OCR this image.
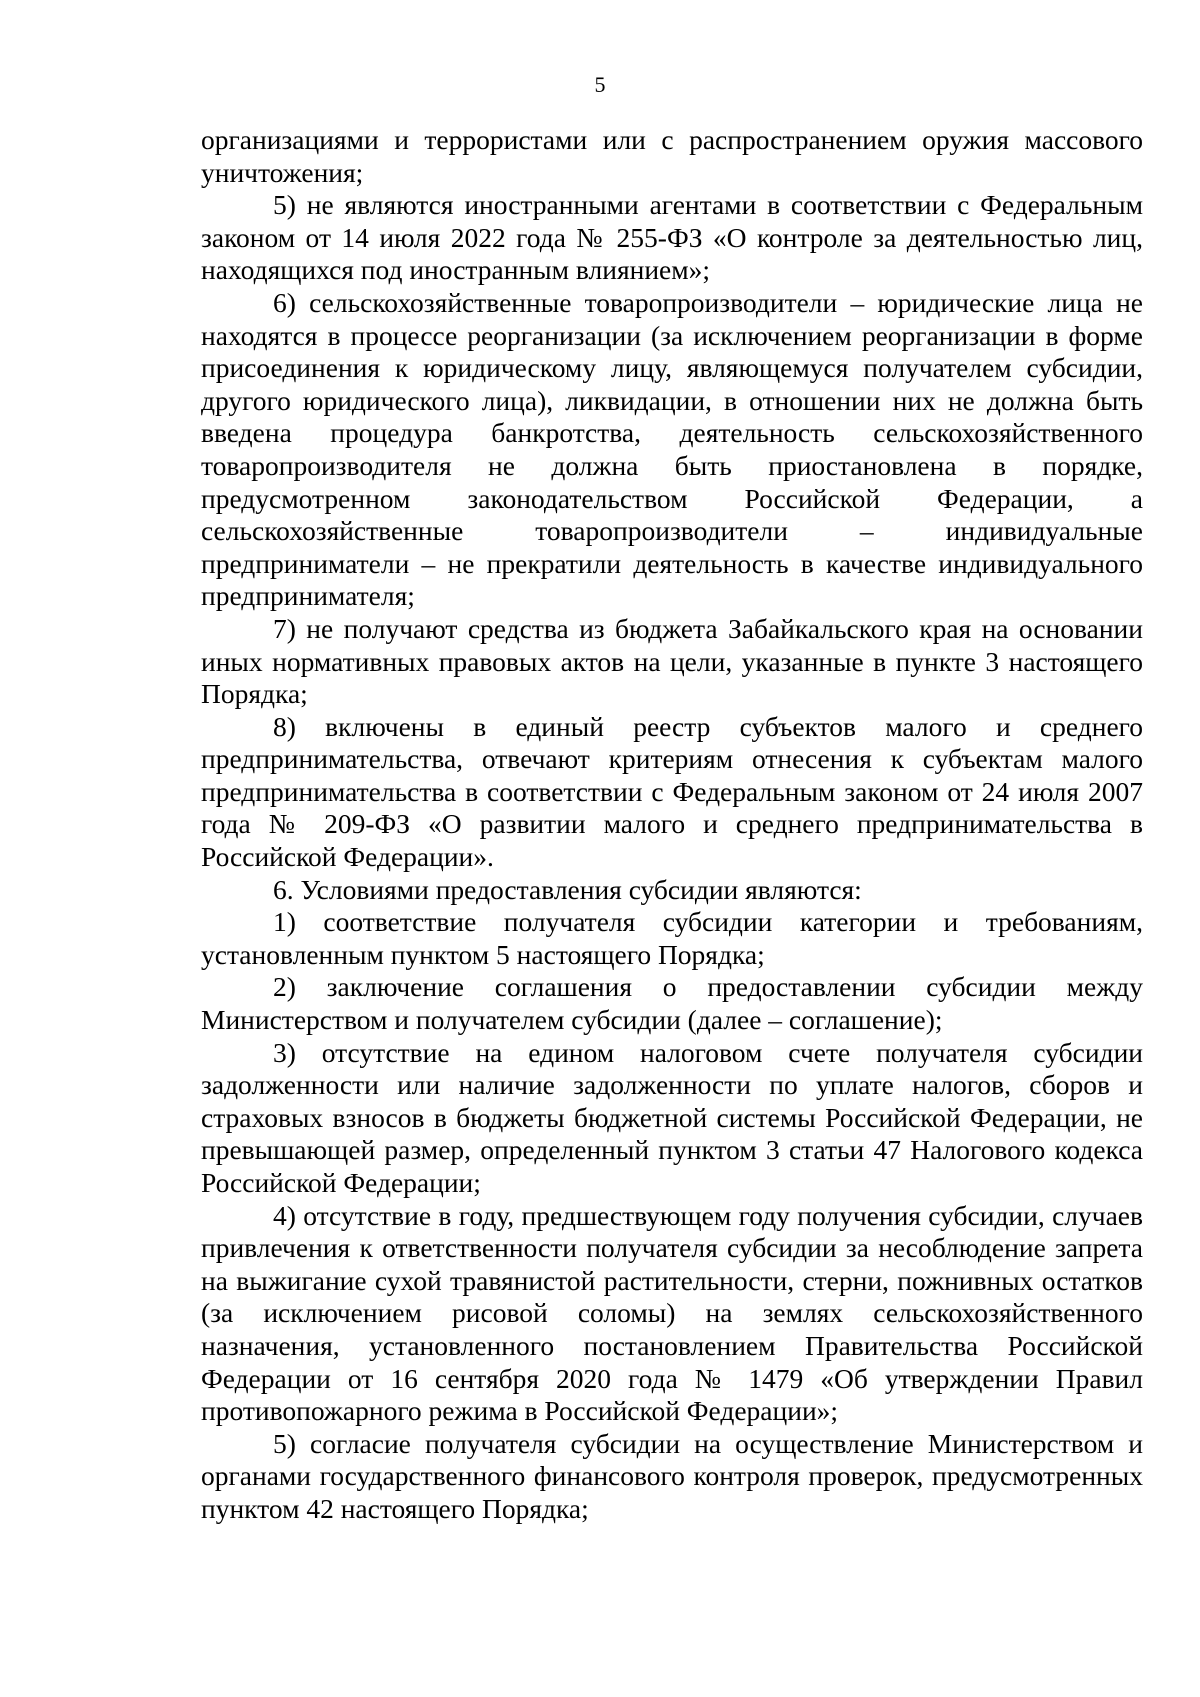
5

организациями и террористами или с распространением оружия массового уничтожения;

5) не являются иностранными агентами в соответствии с Федеральным законом от 14 июля 2022 года № 255-ФЗ «О контроле за деятельностью лиц, находящихся под иностранным влиянием»;

6) сельскохозяйственные товаропроизводители – юридические лица не находятся в процессе реорганизации (за исключением реорганизации в форме присоединения к юридическому лицу, являющемуся получателем субсидии, другого юридического лица), ликвидации, в отношении них не должна быть введена процедура банкротства, деятельность сельскохозяйственного товаропроизводителя не должна быть приостановлена в порядке, предусмотренном законодательством Российской Федерации, а сельскохозяйственные товаропроизводители – индивидуальные предприниматели – не прекратили деятельность в качестве индивидуального предпринимателя;

7) не получают средства из бюджета Забайкальского края на основании иных нормативных правовых актов на цели, указанные в пункте 3 настоящего Порядка;

8) включены в единый реестр субъектов малого и среднего предпринимательства, отвечают критериям отнесения к субъектам малого предпринимательства в соответствии с Федеральным законом от 24 июля 2007 года № 209-ФЗ «О развитии малого и среднего предпринимательства в Российской Федерации».

6. Условиями предоставления субсидии являются:

1) соответствие получателя субсидии категории и требованиям, установленным пунктом 5 настоящего Порядка;

2) заключение соглашения о предоставлении субсидии между Министерством и получателем субсидии (далее – соглашение);

3) отсутствие на едином налоговом счете получателя субсидии задолженности или наличие задолженности по уплате налогов, сборов и страховых взносов в бюджеты бюджетной системы Российской Федерации, не превышающей размер, определенный пунктом 3 статьи 47 Налогового кодекса Российской Федерации;

4) отсутствие в году, предшествующем году получения субсидии, случаев привлечения к ответственности получателя субсидии за несоблюдение запрета на выжигание сухой травянистой растительности, стерни, пожнивных остатков (за исключением рисовой соломы) на землях сельскохозяйственного назначения, установленного постановлением Правительства Российской Федерации от 16 сентября 2020 года № 1479 «Об утверждении Правил противопожарного режима в Российской Федерации»;

5) согласие получателя субсидии на осуществление Министерством и органами государственного финансового контроля проверок, предусмотренных пунктом 42 настоящего Порядка;
